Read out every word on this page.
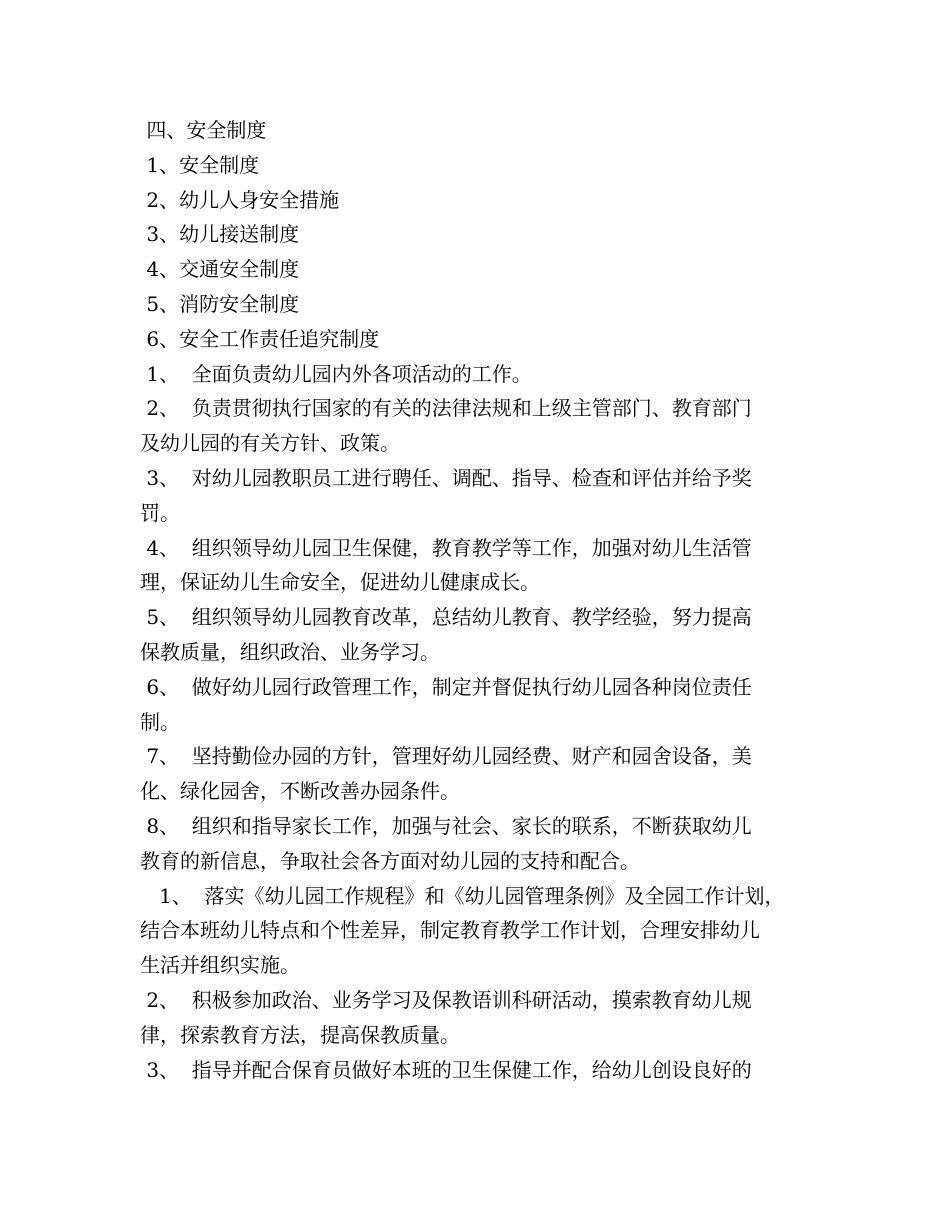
四、安全制度
1、安全制度
2、幼儿人身安全措施
3、幼儿接送制度
4、交通安全制度
5、消防安全制度
6、安全工作责任追究制度
1、  全面负责幼儿园内外各项活动的工作。
2、  负责贯彻执行国家的有关的法律法规和上级主管部门、教育部门
及幼儿园的有关方针、政策。
3、  对幼儿园教职员工进行聘任、调配、指导、检查和评估并给予奖
罚。
4、  组织领导幼儿园卫生保健，教育教学等工作，加强对幼儿生活管
理，保证幼儿生命安全，促进幼儿健康成长。
5、  组织领导幼儿园教育改革，总结幼儿教育、教学经验，努力提高
保教质量，组织政治、业务学习。
6、  做好幼儿园行政管理工作，制定并督促执行幼儿园各种岗位责任
制。
7、  坚持勤俭办园的方针，管理好幼儿园经费、财产和园舍设备，美
化、绿化园舍，不断改善办园条件。
8、  组织和指导家长工作，加强与社会、家长的联系，不断获取幼儿
教育的新信息，争取社会各方面对幼儿园的支持和配合。
1、  落实《幼儿园工作规程》和《幼儿园管理条例》及全园工作计划，
结合本班幼儿特点和个性差异，制定教育教学工作计划，合理安排幼儿
生活并组织实施。
2、  积极参加政治、业务学习及保教语训科研活动，摸索教育幼儿规
律，探索教育方法，提高保教质量。
3、  指导并配合保育员做好本班的卫生保健工作，给幼儿创设良好的
